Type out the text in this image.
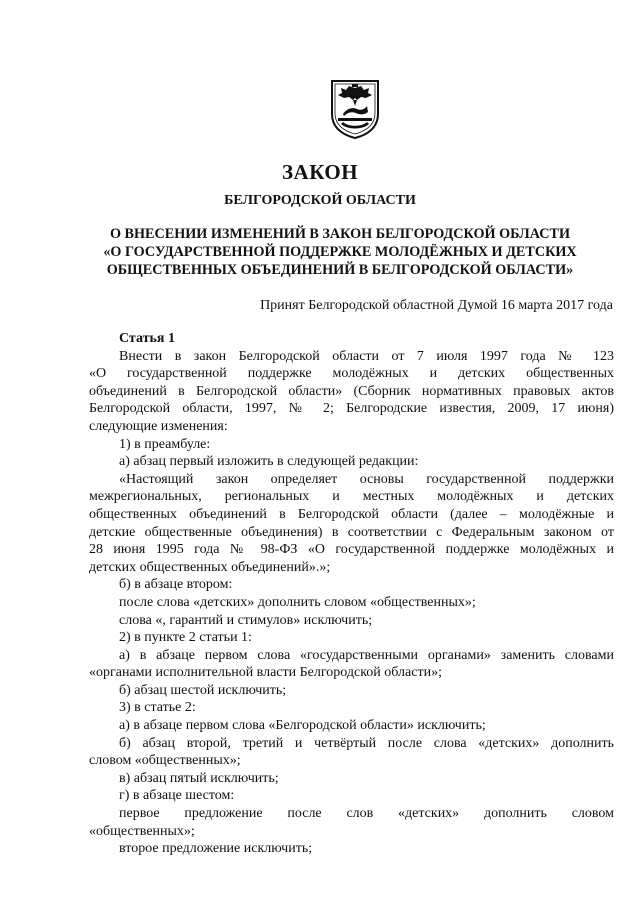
ЗАКОН

БЕЛГОРОДСКОЙ ОБЛАСТИ

О ВНЕСЕНИИ ИЗМЕНЕНИЙ В ЗАКОН БЕЛГОРОДСКОЙ ОБЛАСТИ
«О ГОСУДАРСТВЕННОЙ ПОДДЕРЖКЕ МОЛОДЁЖНЫХ И ДЕТСКИХ
ОБЩЕСТВЕННЫХ ОБЪЕДИНЕНИЙ В БЕЛГОРОДСКОЙ ОБЛАСТИ»

Принят Белгородской областной Думой 16 марта 2017 года

Статья 1

Внести в закон Белгородской области от 7 июля 1997 года № 123

«О государственной поддержке молодёжных и детских общественных

объединений в Белгородской области» (Сборник нормативных правовых актов

Белгородской области, 1997, № 2; Белгородские известия, 2009, 17 июня)

следующие изменения:

1) в преамбуле:

а) абзац первый изложить в следующей редакции:

«Настоящий закон определяет основы государственной поддержки

межрегиональных, региональных и местных молодёжных и детских

общественных объединений в Белгородской области (далее – молодёжные и

детские общественные объединения) в соответствии с Федеральным законом от

28 июня 1995 года № 98-ФЗ «О государственной поддержке молодёжных и

детских общественных объединений».»;

б) в абзаце втором:

после слова «детских» дополнить словом «общественных»;

слова «, гарантий и стимулов» исключить;

2) в пункте 2 статьи 1:

а) в абзаце первом слова «государственными органами» заменить словами

«органами исполнительной власти Белгородской области»;

б) абзац шестой исключить;

3) в статье 2:

а) в абзаце первом слова «Белгородской области» исключить;

б) абзац второй, третий и четвёртый после слова «детских» дополнить

словом «общественных»;

в) абзац пятый исключить;

г) в абзаце шестом:

первое предложение после слов «детских» дополнить словом

«общественных»;

второе предложение исключить;
